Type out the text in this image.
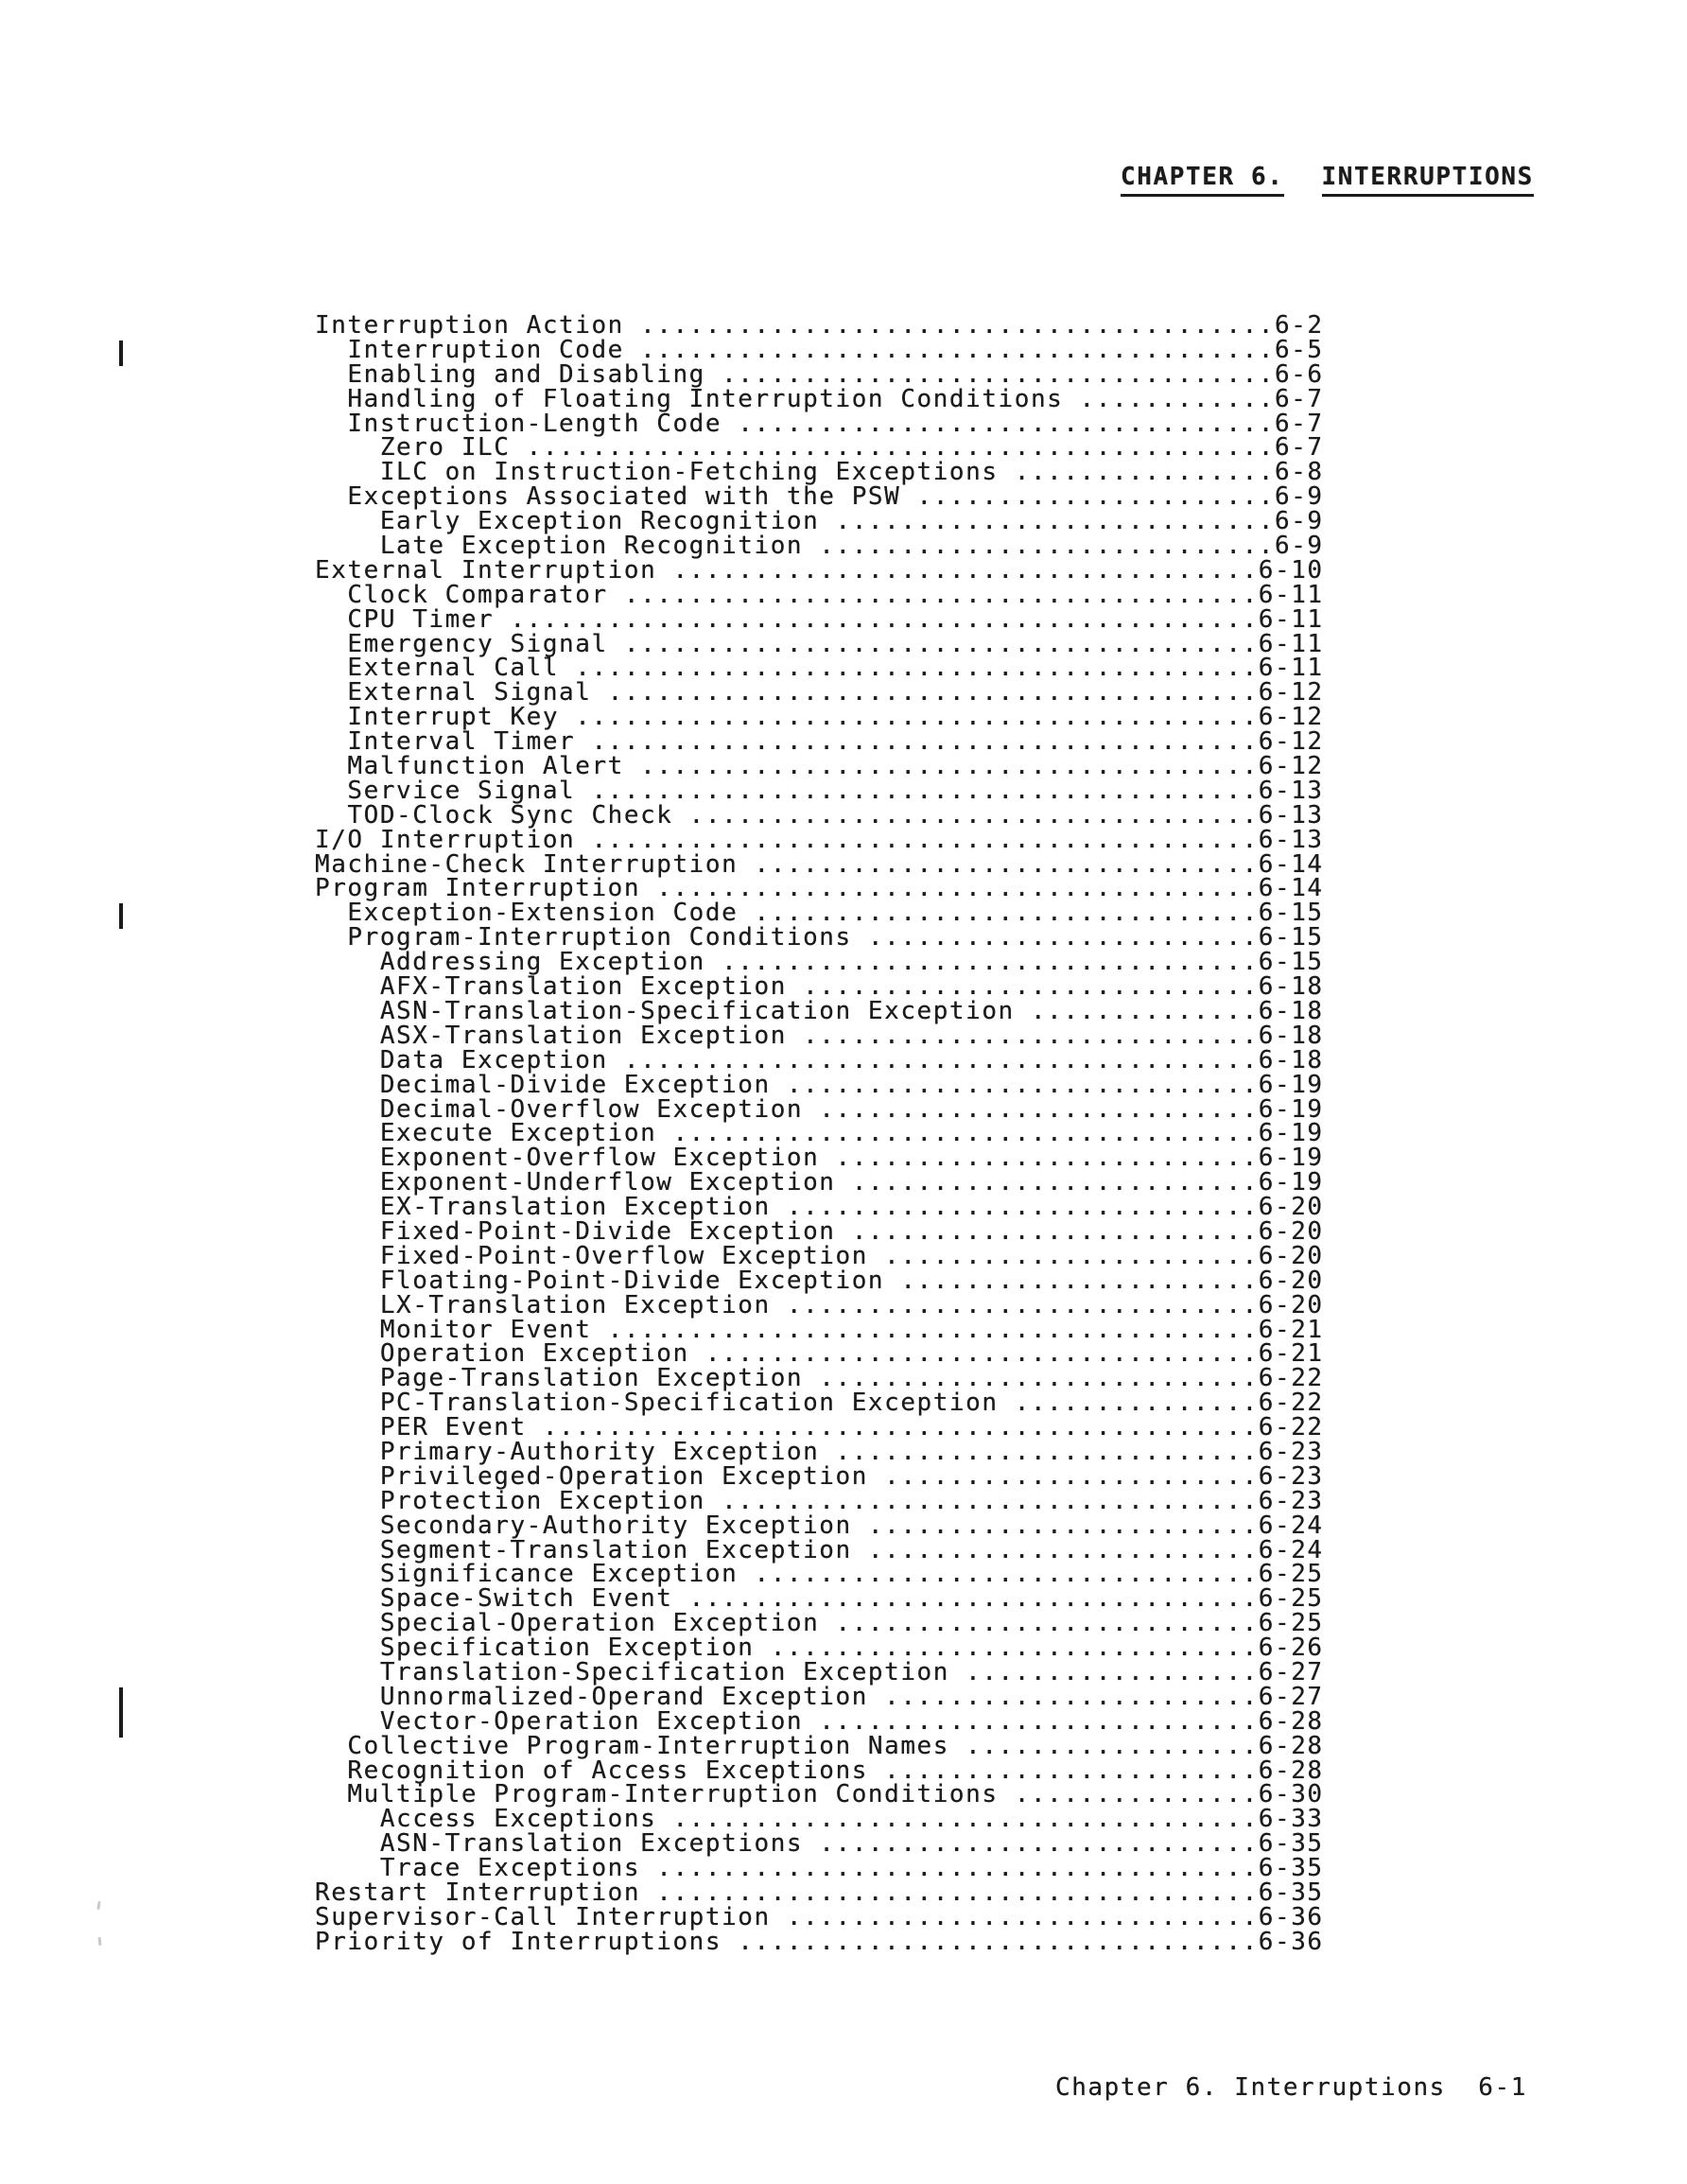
CHAPTER 6. INTERRUPTIONS
Interruption Action .......................................6-2
Interruption Code .......................................6-5
Enabling and Disabling ..................................6-6
Handling of Floating Interruption Conditions ............6-7
Instruction-Length Code .................................6-7
Zero ILC ..............................................6-7
ILC on Instruction-Fetching Exceptions ................6-8
Exceptions Associated with the PSW ......................6-9
Early Exception Recognition ...........................6-9
Late Exception Recognition ............................6-9
External Interruption ....................................6-10
Clock Comparator .......................................6-11
CPU Timer ..............................................6-11
Emergency Signal .......................................6-11
External Call ..........................................6-11
External Signal ........................................6-12
Interrupt Key ..........................................6-12
Interval Timer .........................................6-12
Malfunction Alert ......................................6-12
Service Signal .........................................6-13
TOD-Clock Sync Check ...................................6-13
I/O Interruption .........................................6-13
Machine-Check Interruption ...............................6-14
Program Interruption .....................................6-14
Exception-Extension Code ...............................6-15
Program-Interruption Conditions ........................6-15
Addressing Exception .................................6-15
AFX-Translation Exception ............................6-18
ASN-Translation-Specification Exception ..............6-18
ASX-Translation Exception ............................6-18
Data Exception .......................................6-18
Decimal-Divide Exception .............................6-19
Decimal-Overflow Exception ...........................6-19
Execute Exception ....................................6-19
Exponent-Overflow Exception ..........................6-19
Exponent-Underflow Exception .........................6-19
EX-Translation Exception .............................6-20
Fixed-Point-Divide Exception .........................6-20
Fixed-Point-Overflow Exception .......................6-20
Floating-Point-Divide Exception ......................6-20
LX-Translation Exception .............................6-20
Monitor Event ........................................6-21
Operation Exception ..................................6-21
Page-Translation Exception ...........................6-22
PC-Translation-Specification Exception ...............6-22
PER Event ............................................6-22
Primary-Authority Exception ..........................6-23
Privileged-Operation Exception .......................6-23
Protection Exception .................................6-23
Secondary-Authority Exception ........................6-24
Segment-Translation Exception ........................6-24
Significance Exception ...............................6-25
Space-Switch Event ...................................6-25
Special-Operation Exception ..........................6-25
Specification Exception ..............................6-26
Translation-Specification Exception ..................6-27
Unnormalized-Operand Exception .......................6-27
Vector-Operation Exception ...........................6-28
Collective Program-Interruption Names ..................6-28
Recognition of Access Exceptions .......................6-28
Multiple Program-Interruption Conditions ...............6-30
Access Exceptions ....................................6-33
ASN-Translation Exceptions ...........................6-35
Trace Exceptions .....................................6-35
Restart Interruption .....................................6-35
Supervisor-Call Interruption .............................6-36
Priority of Interruptions ................................6-36
Chapter 6. Interruptions  6-1
